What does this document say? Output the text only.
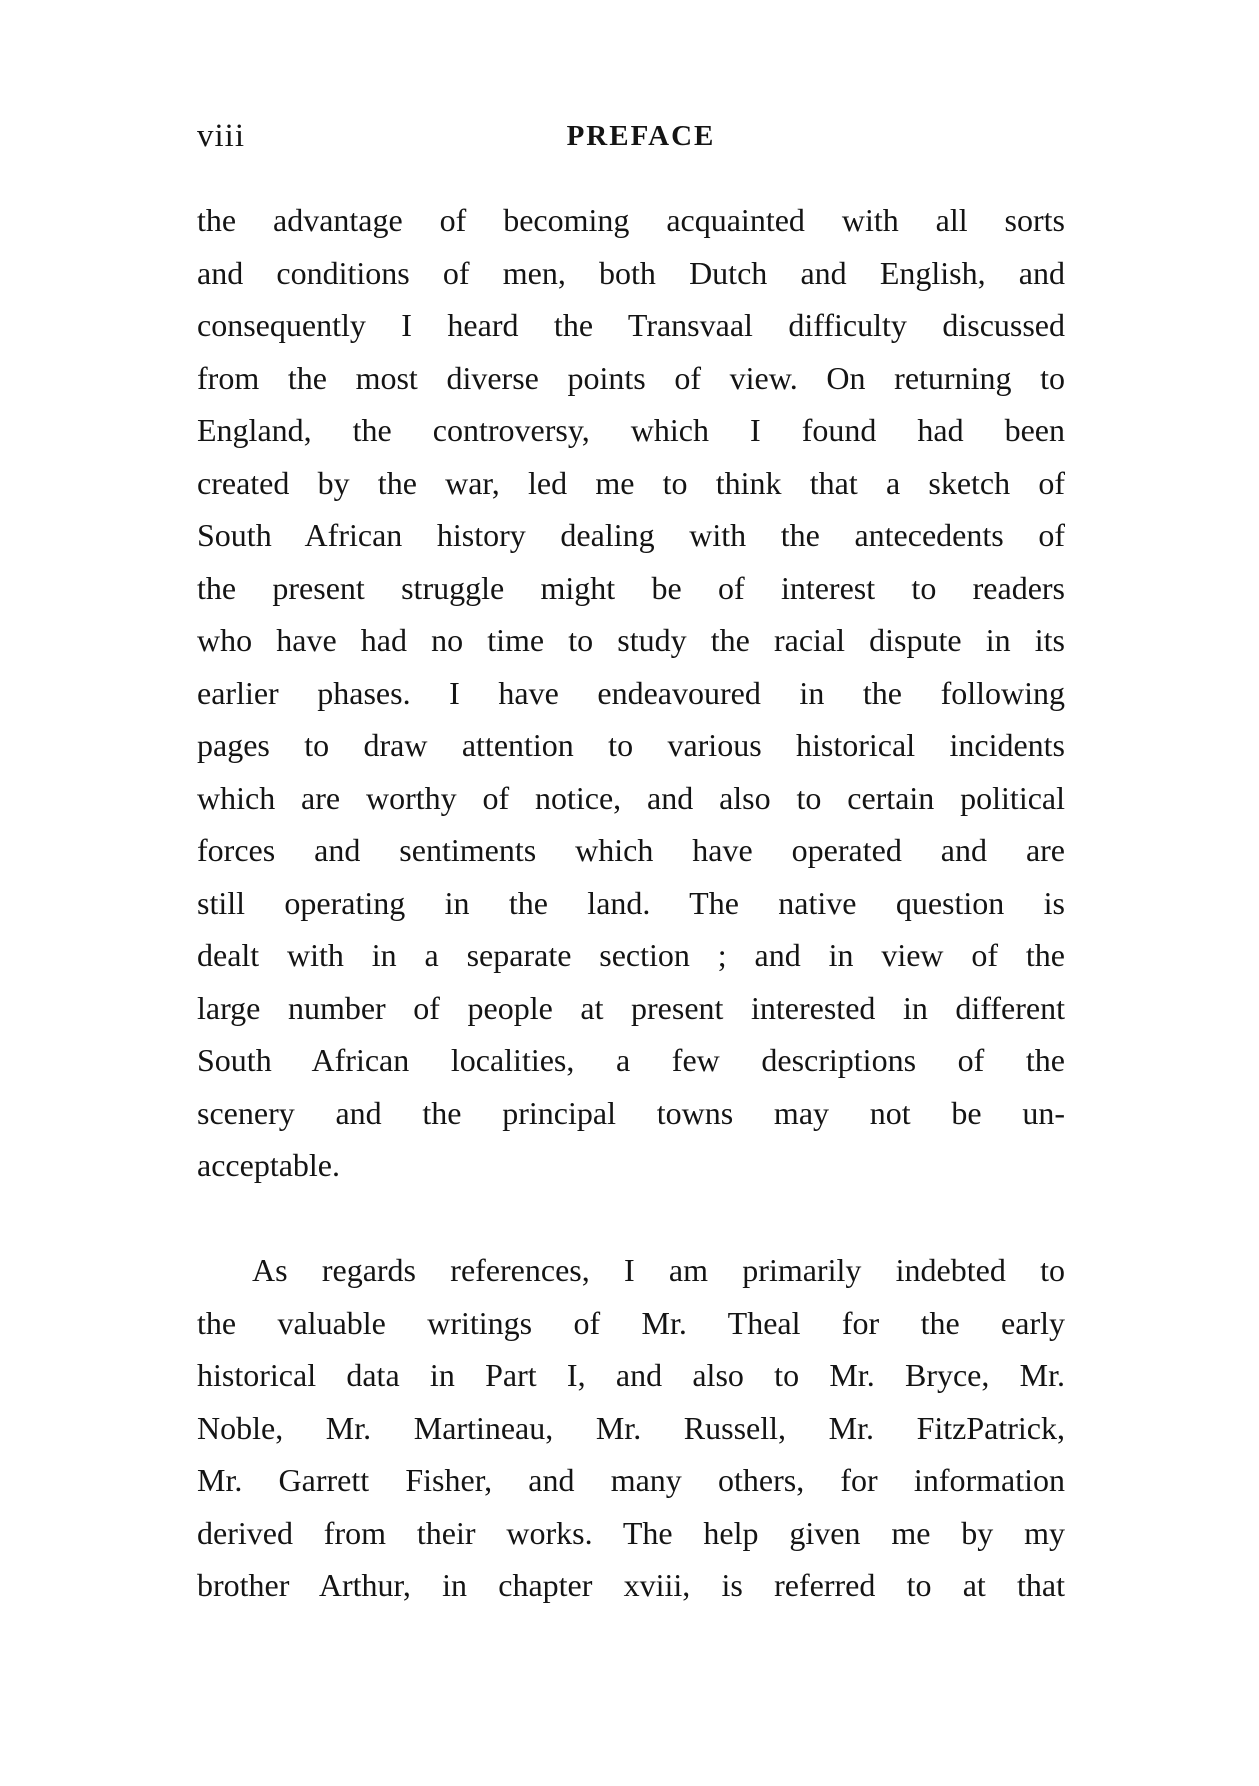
viii	PREFACE
the advantage of becoming acquainted with all sorts
and conditions of men, both Dutch and English, and
consequently I heard the Transvaal difficulty discussed
from the most diverse points of view. On returning to
England, the controversy, which I found had been
created by the war, led me to think that a sketch of
South African history dealing with the antecedents of
the present struggle might be of interest to readers
who have had no time to study the racial dispute in its
earlier phases. I have endeavoured in the following
pages to draw attention to various historical incidents
which are worthy of notice, and also to certain political
forces and sentiments which have operated and are
still operating in the land. The native question is
dealt with in a separate section ; and in view of the
large number of people at present interested in different
South African localities, a few descriptions of the
scenery and the principal towns may not be un-
acceptable.
As regards references, I am primarily indebted to
the valuable writings of Mr. Theal for the early
historical data in Part I, and also to Mr. Bryce, Mr.
Noble, Mr. Martineau, Mr. Russell, Mr. FitzPatrick,
Mr. Garrett Fisher, and many others, for information
derived from their works. The help given me by my
brother Arthur, in chapter xviii, is referred to at that
